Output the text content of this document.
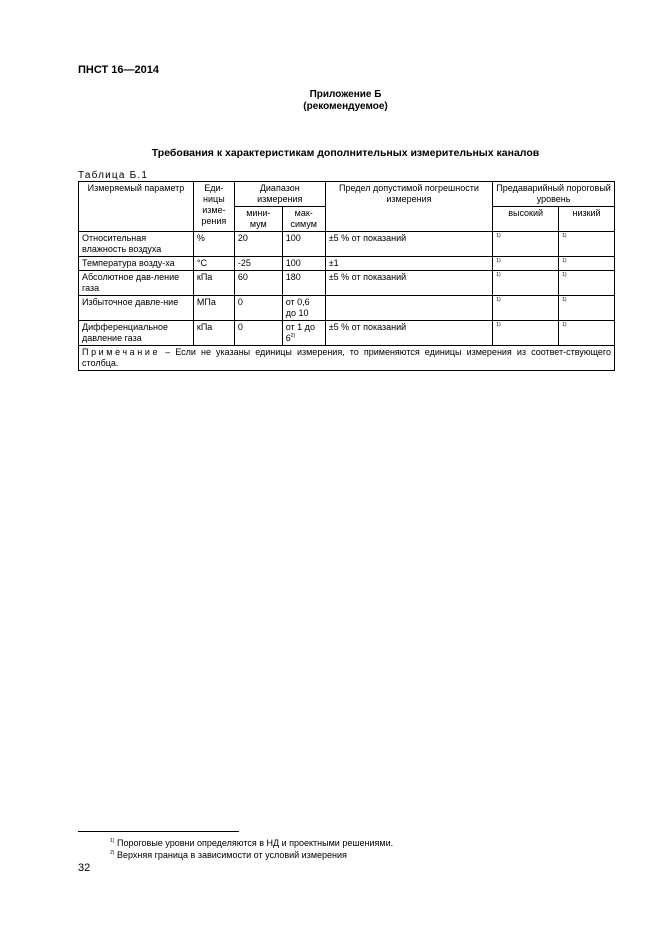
ПНСТ 16—2014
Приложение Б
(рекомендуемое)
Требования к характеристикам дополнительных измерительных каналов
Таблица Б.1
Измеряемый параметр	Еди-ницы изме-рения	Диапазон измерения		Предел допустимой погрешности измерения	Предаварийный пороговый уровень	
		мини-мум	мак-симум		высокий	низкий
Относительная влажность воздуха	%	20	100	±5 % от показаний	$^{1)}$	$^{1)}$
Температура возду-ха	°С	-25	100	±1	$^{1)}$	$^{1)}$
Абсолютное дав-ление газа	кПа	60	180	±5 % от показаний	$^{1)}$	$^{1)}$
Избыточное давле-ние	МПа	0	от 0,6 до 10		$^{1)}$	$^{1)}$
Дифференциальное давление газа	кПа	0	от 1 до $6^{2)}$	±5 % от показаний	$^{1)}$	$^{1)}$
Примечание – Если не указаны единицы измерения, то применяются единицы измерения из соответ-ствующего столбца.						
$^{1)}$ Пороговые уровни определяются в НД и проектными решениями.
$^{2)}$ Верхняя граница в зависимости от условий измерения
32
